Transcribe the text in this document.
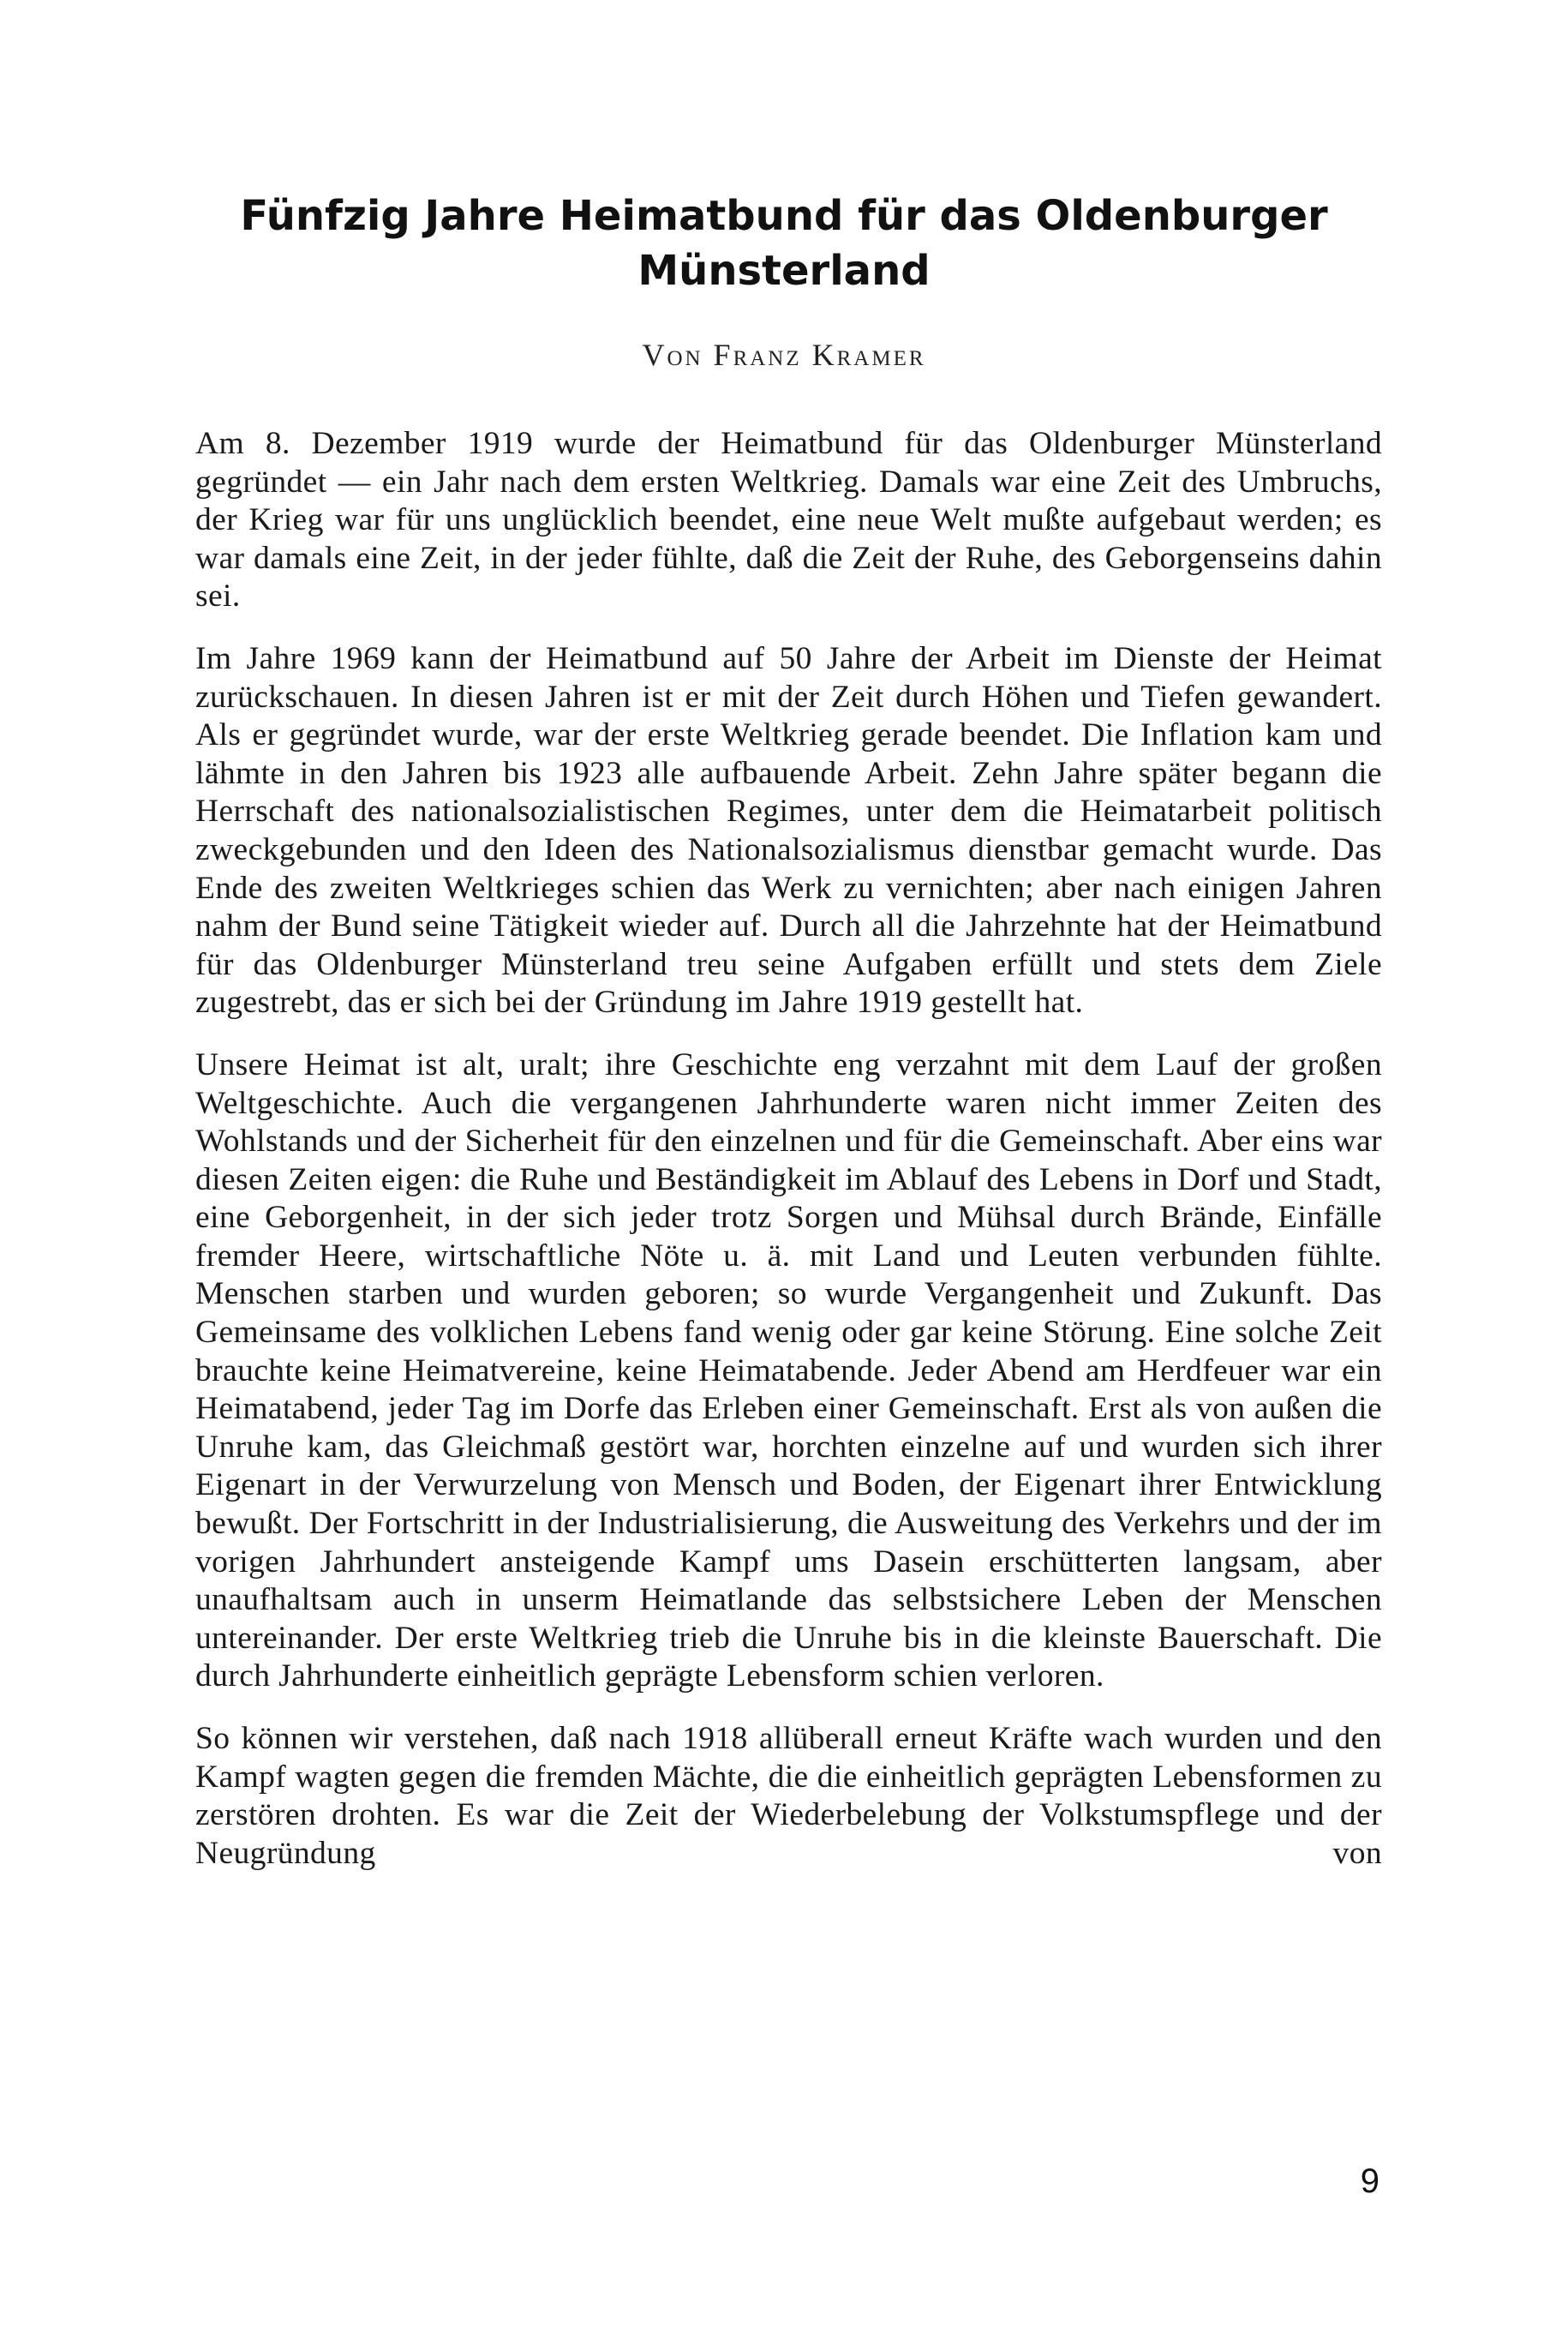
Fünfzig Jahre Heimatbund für das Oldenburger
Münsterland
Von Franz Kramer

Am 8. Dezember 1919 wurde der Heimatbund für das Oldenburger Münsterland gegründet — ein Jahr nach dem ersten Weltkrieg. Damals war eine Zeit des Umbruchs, der Krieg war für uns unglücklich beendet, eine neue Welt mußte aufgebaut werden; es war damals eine Zeit, in der jeder fühlte, daß die Zeit der Ruhe, des Geborgenseins dahin sei.

Im Jahre 1969 kann der Heimatbund auf 50 Jahre der Arbeit im Dienste der Heimat zurückschauen. In diesen Jahren ist er mit der Zeit durch Höhen und Tiefen gewandert. Als er gegründet wurde, war der erste Weltkrieg gerade beendet. Die Inflation kam und lähmte in den Jahren bis 1923 alle aufbauende Arbeit. Zehn Jahre später begann die Herrschaft des nationalsozialistischen Regimes, unter dem die Heimatarbeit politisch zweckgebunden und den Ideen des Nationalsozialismus dienstbar gemacht wurde. Das Ende des zweiten Weltkrieges schien das Werk zu vernichten; aber nach einigen Jahren nahm der Bund seine Tätigkeit wieder auf. Durch all die Jahrzehnte hat der Heimatbund für das Oldenburger Münsterland treu seine Aufgaben erfüllt und stets dem Ziele zugestrebt, das er sich bei der Gründung im Jahre 1919 gestellt hat.

Unsere Heimat ist alt, uralt; ihre Geschichte eng verzahnt mit dem Lauf der großen Weltgeschichte. Auch die vergangenen Jahrhunderte waren nicht immer Zeiten des Wohlstands und der Sicherheit für den einzelnen und für die Gemeinschaft. Aber eins war diesen Zeiten eigen: die Ruhe und Beständigkeit im Ablauf des Lebens in Dorf und Stadt, eine Geborgenheit, in der sich jeder trotz Sorgen und Mühsal durch Brände, Einfälle fremder Heere, wirtschaftliche Nöte u. ä. mit Land und Leuten verbunden fühlte. Menschen starben und wurden geboren; so wurde Vergangenheit und Zukunft. Das Gemeinsame des volklichen Lebens fand wenig oder gar keine Störung. Eine solche Zeit brauchte keine Heimatvereine, keine Heimatabende. Jeder Abend am Herdfeuer war ein Heimatabend, jeder Tag im Dorfe das Erleben einer Gemeinschaft. Erst als von außen die Unruhe kam, das Gleichmaß gestört war, horchten einzelne auf und wurden sich ihrer Eigenart in der Verwurzelung von Mensch und Boden, der Eigenart ihrer Entwicklung bewußt. Der Fortschritt in der Industrialisierung, die Ausweitung des Verkehrs und der im vorigen Jahrhundert ansteigende Kampf ums Dasein erschütterten langsam, aber unaufhaltsam auch in unserm Heimatlande das selbstsichere Leben der Menschen untereinander. Der erste Weltkrieg trieb die Unruhe bis in die kleinste Bauerschaft. Die durch Jahrhunderte einheitlich geprägte Lebensform schien verloren.

So können wir verstehen, daß nach 1918 allüberall erneut Kräfte wach wurden und den Kampf wagten gegen die fremden Mächte, die die einheitlich geprägten Lebensformen zu zerstören drohten. Es war die Zeit der Wiederbelebung der Volkstumspflege und der Neugründung von

9
